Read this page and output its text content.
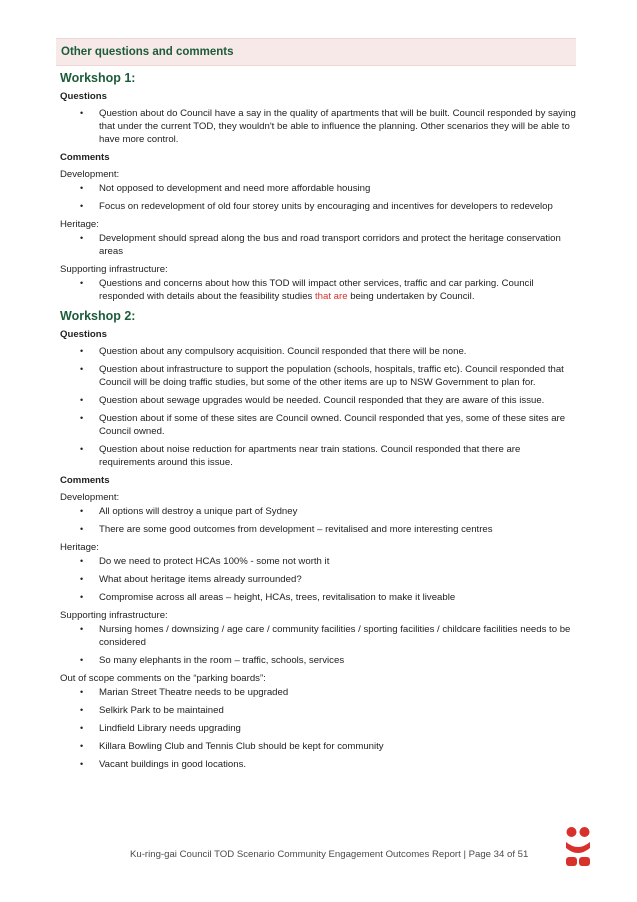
Other questions and comments
Workshop 1:
Questions
• Question about do Council have a say in the quality of apartments that will be built. Council responded by saying that under the current TOD, they wouldn't be able to influence the planning. Other scenarios they will be able to have more control.
Comments
Development:
• Not opposed to development and need more affordable housing
• Focus on redevelopment of old four storey units by encouraging and incentives for developers to redevelop
Heritage:
• Development should spread along the bus and road transport corridors and protect the heritage conservation areas
Supporting infrastructure:
• Questions and concerns about how this TOD will impact other services, traffic and car parking. Council responded with details about the feasibility studies that are being undertaken by Council.
Workshop 2:
Questions
• Question about any compulsory acquisition. Council responded that there will be none.
• Question about infrastructure to support the population (schools, hospitals, traffic etc). Council responded that Council will be doing traffic studies, but some of the other items are up to NSW Government to plan for.
• Question about sewage upgrades would be needed. Council responded that they are aware of this issue.
• Question about if some of these sites are Council owned. Council responded that yes, some of these sites are Council owned.
• Question about noise reduction for apartments near train stations. Council responded that there are requirements around this issue.
Comments
Development:
• All options will destroy a unique part of Sydney
• There are some good outcomes from development – revitalised and more interesting centres
Heritage:
• Do we need to protect HCAs 100% - some not worth it
• What about heritage items already surrounded?
• Compromise across all areas – height, HCAs, trees, revitalisation to make it liveable
Supporting infrastructure:
• Nursing homes / downsizing / age care / community facilities / sporting facilities / childcare facilities needs to be considered
• So many elephants in the room – traffic, schools, services
Out of scope comments on the “parking boards”:
• Marian Street Theatre needs to be upgraded
• Selkirk Park to be maintained
• Lindfield Library needs upgrading
• Killara Bowling Club and Tennis Club should be kept for community
• Vacant buildings in good locations.
Ku-ring-gai Council TOD Scenario Community Engagement Outcomes Report | Page 34 of 51
